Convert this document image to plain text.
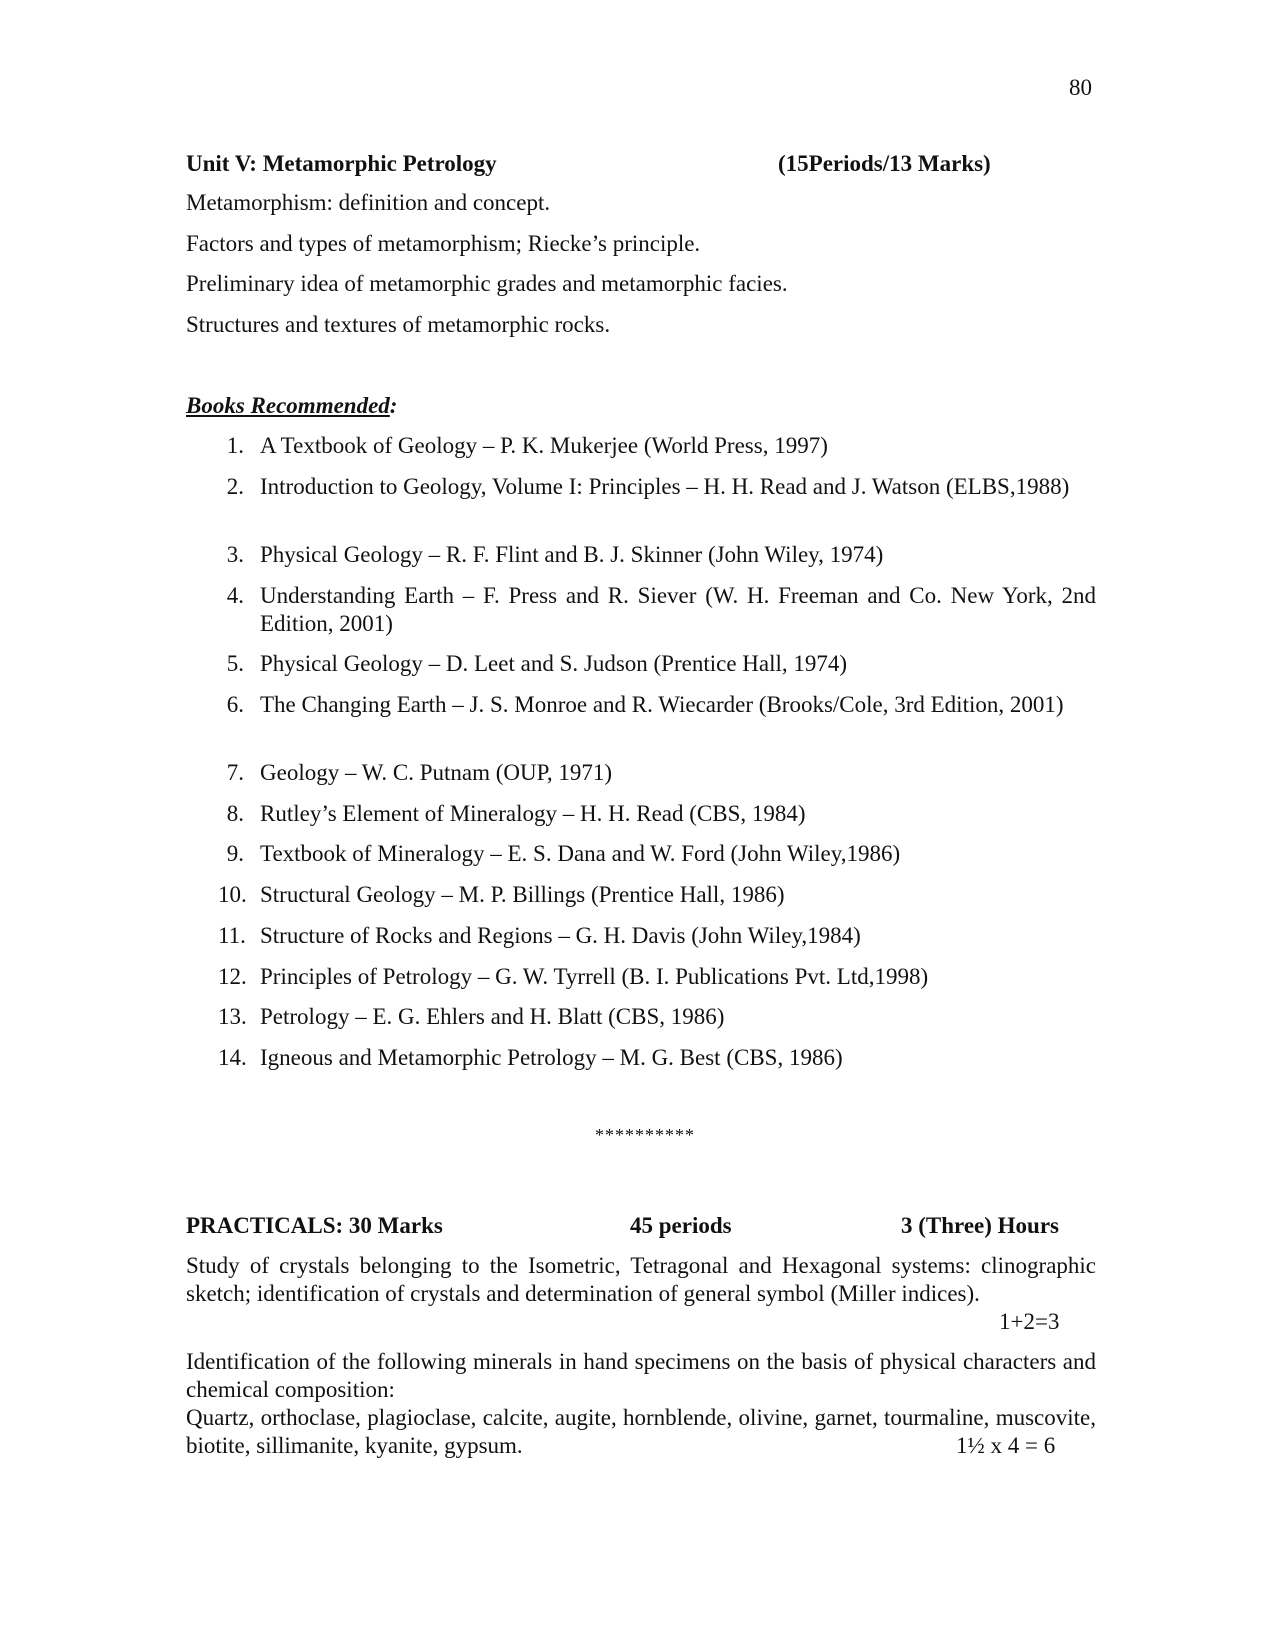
80
Unit V: Metamorphic Petrology	(15Periods/13 Marks)
Metamorphism: definition and concept.
Factors and types of metamorphism; Riecke’s principle.
Preliminary idea of metamorphic grades and metamorphic facies.
Structures and textures of metamorphic rocks.
Books Recommended:
1. A Textbook of Geology – P. K. Mukerjee (World Press, 1997)
2. Introduction to Geology, Volume I: Principles – H. H. Read and J. Watson (ELBS,1988)
3. Physical Geology – R. F. Flint and B. J. Skinner (John Wiley, 1974)
4. Understanding Earth – F. Press and R. Siever (W. H. Freeman and Co. New York, 2nd Edition, 2001)
5. Physical Geology – D. Leet and S. Judson (Prentice Hall, 1974)
6. The Changing Earth – J. S. Monroe and R. Wiecarder (Brooks/Cole, 3rd Edition, 2001)
7. Geology – W. C. Putnam (OUP, 1971)
8. Rutley’s Element of Mineralogy – H. H. Read (CBS, 1984)
9. Textbook of Mineralogy – E. S. Dana and W. Ford (John Wiley,1986)
10. Structural Geology – M. P. Billings (Prentice Hall, 1986)
11. Structure of Rocks and Regions – G. H. Davis (John Wiley,1984)
12. Principles of Petrology – G. W. Tyrrell (B. I. Publications Pvt. Ltd,1998)
13. Petrology – E. G. Ehlers and H. Blatt (CBS, 1986)
14. Igneous and Metamorphic Petrology – M. G. Best (CBS, 1986)
**********
PRACTICALS: 30 Marks	45 periods	3 (Three) Hours
Study of crystals belonging to the Isometric, Tetragonal and Hexagonal systems: clinographic sketch; identification of crystals and determination of general symbol (Miller indices).
1+2=3
Identification of the following minerals in hand specimens on the basis of physical characters and chemical composition:
Quartz, orthoclase, plagioclase, calcite, augite, hornblende, olivine, garnet, tourmaline, muscovite, biotite, sillimanite, kyanite, gypsum.	1½ x 4 = 6
